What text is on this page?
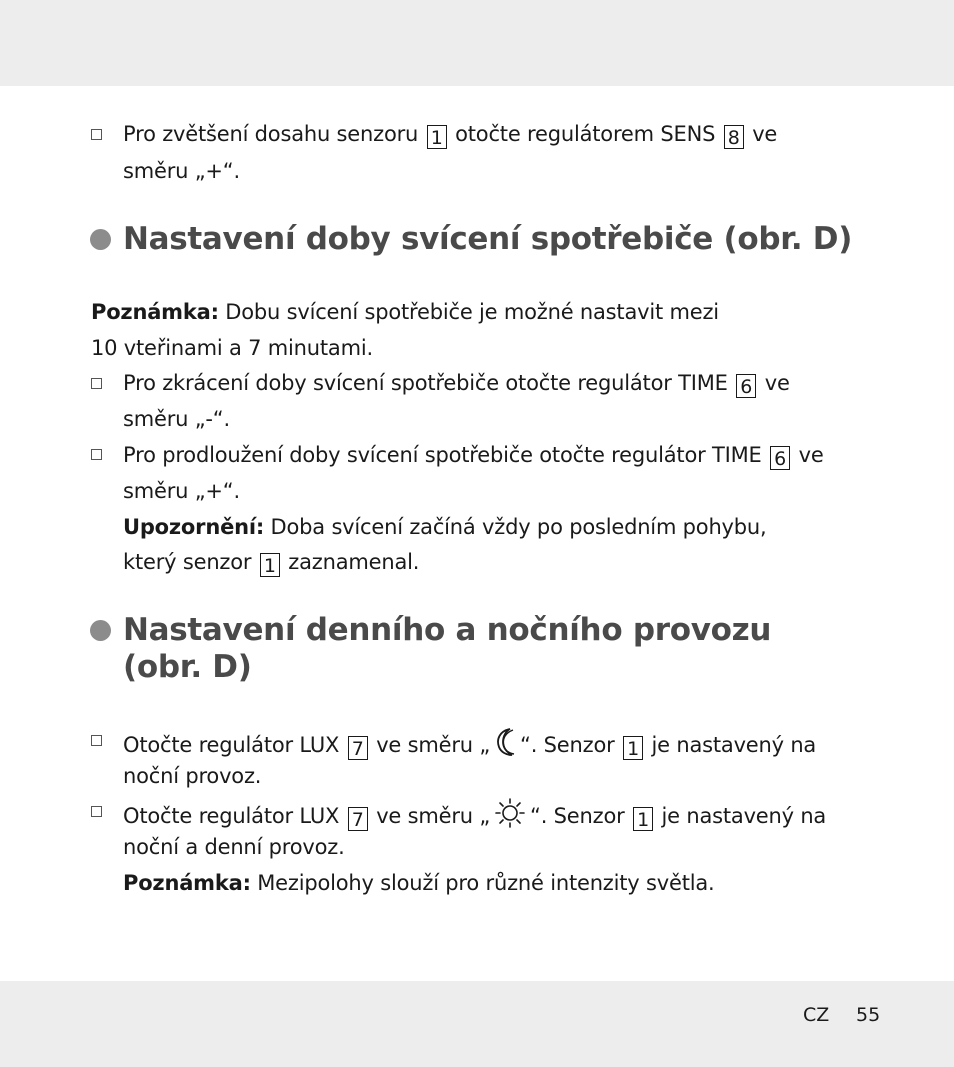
Pro zvětšení dosahu senzoru 1 otočte regulátorem SENS 8 ve
směru „+“.
Nastavení doby svícení spotřebiče (obr. D)
Poznámka: Dobu svícení spotřebiče je možné nastavit mezi
10 vteřinami a 7 minutami.
Pro zkrácení doby svícení spotřebiče otočte regulátor TIME 6 ve
směru „-“.
Pro prodloužení doby svícení spotřebiče otočte regulátor TIME 6 ve
směru „+“.
Upozornění: Doba svícení začíná vždy po posledním pohybu,
který senzor 1 zaznamenal.
Nastavení denního a nočního provozu
(obr. D)
Otočte regulátor LUX 7 ve směru „ “. Senzor 1 je nastavený na
noční provoz.
Otočte regulátor LUX 7 ve směru „ “. Senzor 1 je nastavený na
noční a denní provoz.
Poznámka: Mezipolohy slouží pro různé intenzity světla.
CZ 55
